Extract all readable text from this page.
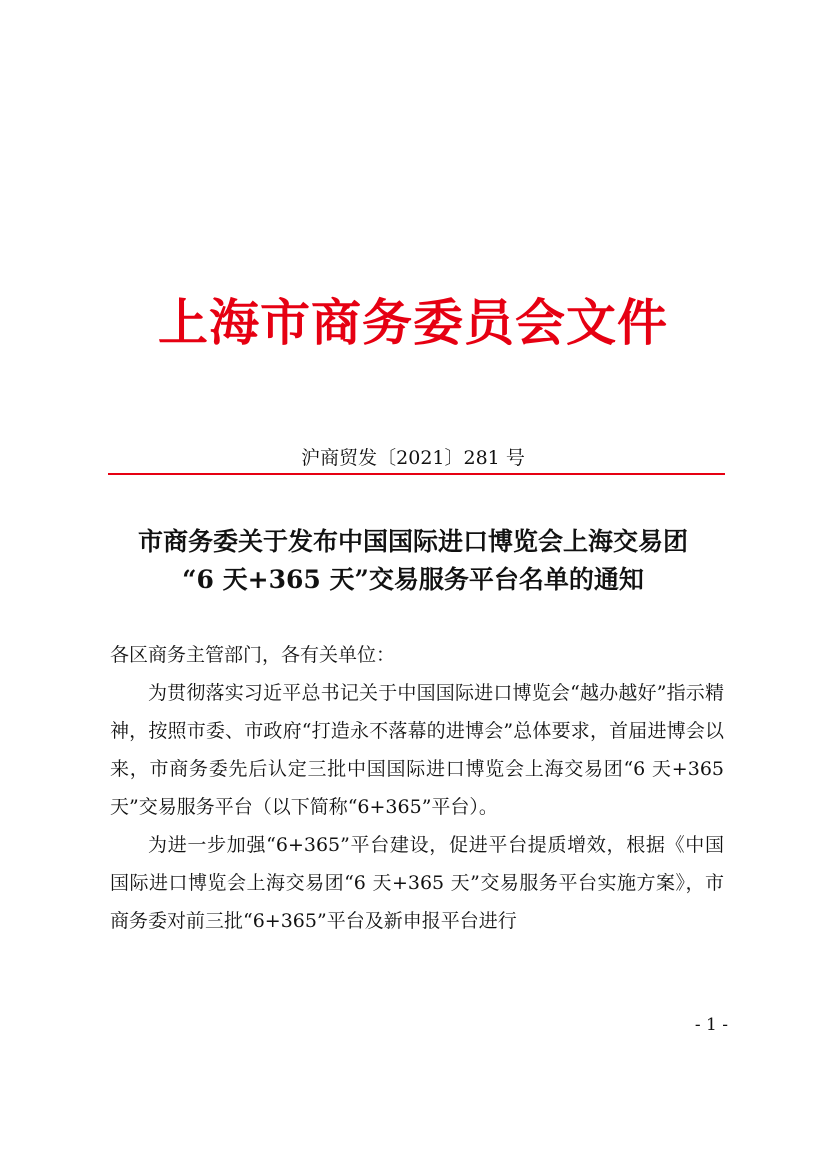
上海市商务委员会文件
沪商贸发〔2021〕281 号
市商务委关于发布中国国际进口博览会上海交易团
“6 天+365 天”交易服务平台名单的通知

各区商务主管部门，各有关单位：

为贯彻落实习近平总书记关于中国国际进口博览会“越办越好”指示精神，按照市委、市政府“打造永不落幕的进博会”总体要求，首届进博会以来，市商务委先后认定三批中国国际进口博览会上海交易团“6 天+365 天”交易服务平台（以下简称“6+365”平台）。

为进一步加强“6+365”平台建设，促进平台提质增效，根据《中国国际进口博览会上海交易团“6 天+365 天”交易服务平台实施方案》，市商务委对前三批“6+365”平台及新申报平台进行

- 1 -
